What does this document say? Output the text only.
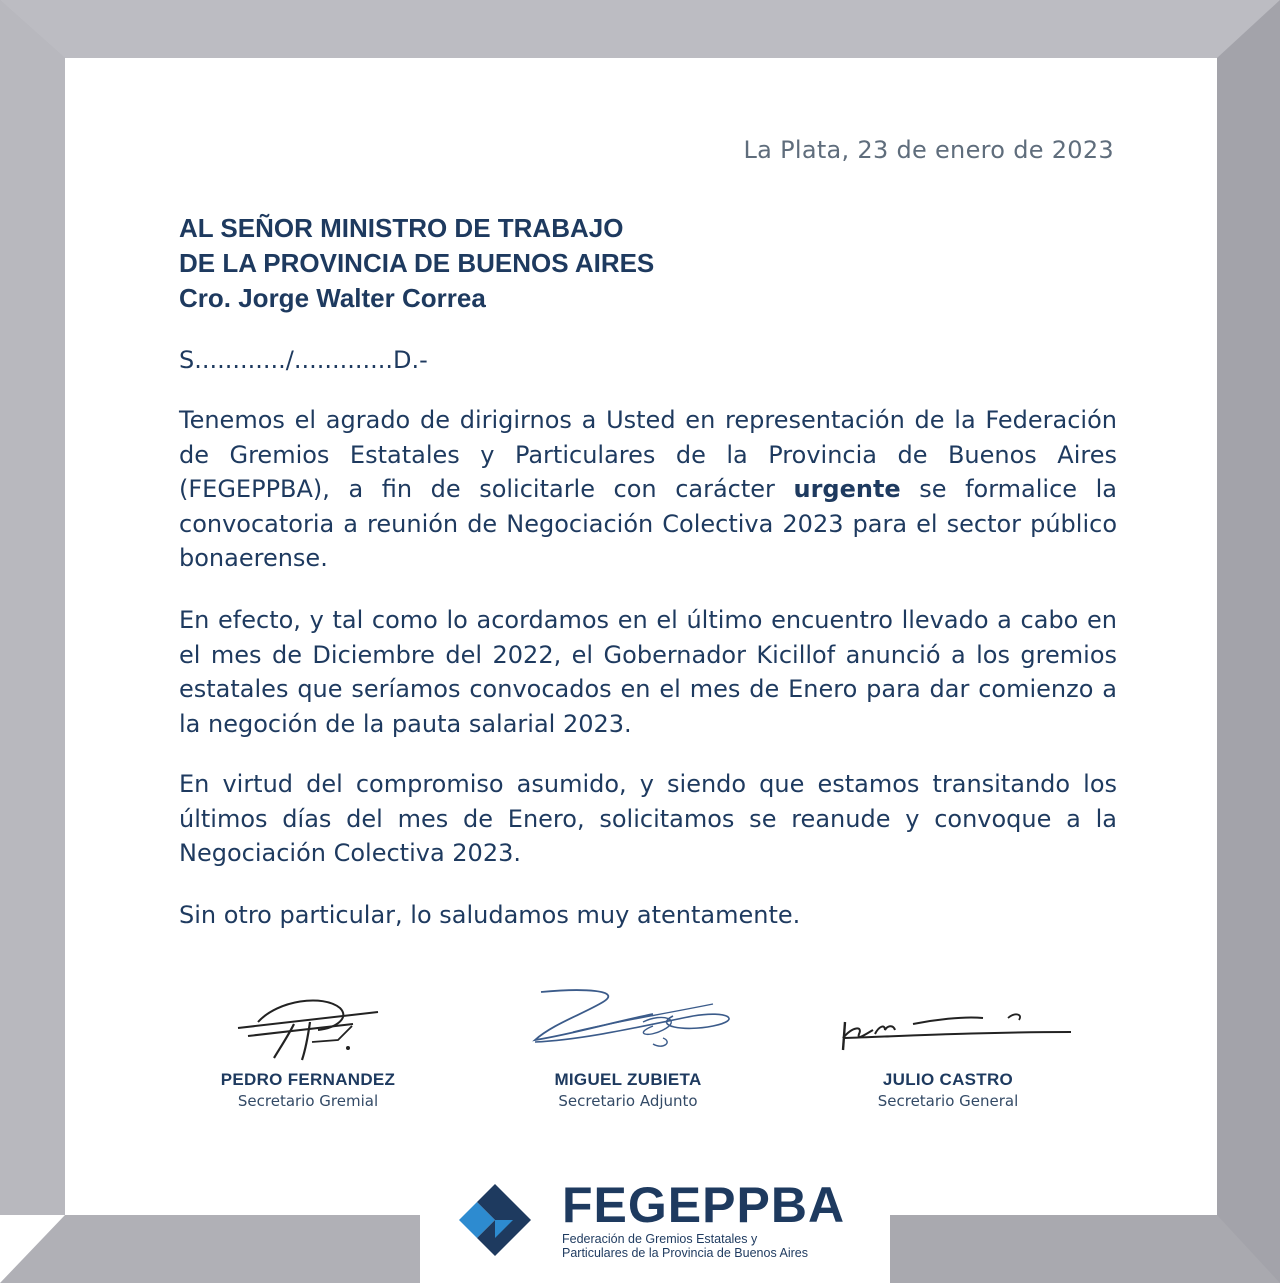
La Plata, 23 de enero de 2023
AL SEÑOR MINISTRO DE TRABAJO
DE LA PROVINCIA DE BUENOS AIRES
Cro. Jorge Walter Correa
S............/.............D.-
Tenemos el agrado de dirigirnos a Usted en representación de la Federación de Gremios Estatales y Particulares de la Provincia de Buenos Aires (FEGEPPBA), a fin de solicitarle con carácter urgente se formalice la convocatoria a reunión de Negociación Colectiva 2023 para el sector público bonaerense.
En efecto, y tal como lo acordamos en el último encuentro llevado a cabo en el mes de Diciembre del 2022, el Gobernador Kicillof anunció a los gremios estatales que seríamos convocados en el mes de Enero para dar comienzo a la negoción de la pauta salarial 2023.
En virtud del compromiso asumido, y siendo que estamos transitando los últimos días del mes de Enero, solicitamos se reanude y convoque a la Negociación Colectiva 2023.
Sin otro particular, lo saludamos muy atentamente.
PEDRO FERNANDEZ
Secretario Gremial
MIGUEL ZUBIETA
Secretario Adjunto
JULIO CASTRO
Secretario General
FEGEPPBA
Federación de Gremios Estatales y
Particulares de la Provincia de Buenos Aires
